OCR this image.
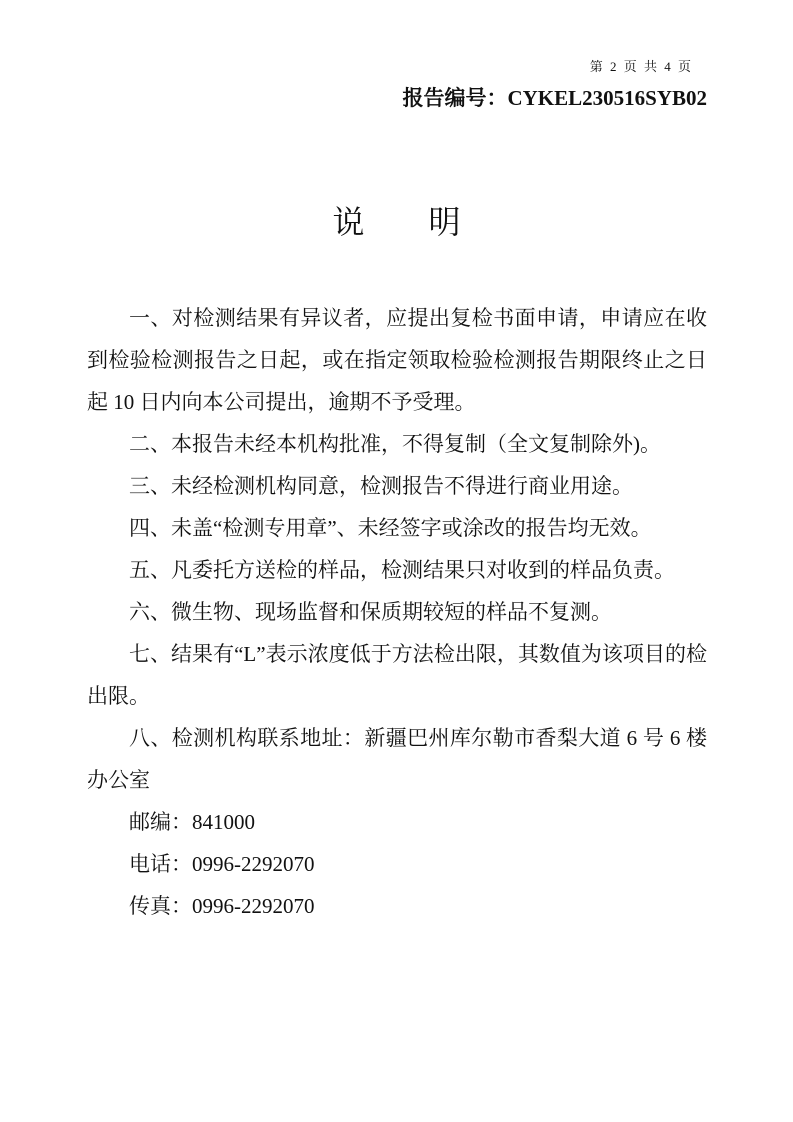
第 2 页 共 4 页
报告编号：CYKEL230516SYB02
说　　明

一、对检测结果有异议者，应提出复检书面申请，申请应在收到检验检测报告之日起，或在指定领取检验检测报告期限终止之日起 10 日内向本公司提出，逾期不予受理。

二、本报告未经本机构批准，不得复制（全文复制除外)。

三、未经检测机构同意，检测报告不得进行商业用途。

四、未盖“检测专用章”、未经签字或涂改的报告均无效。

五、凡委托方送检的样品，检测结果只对收到的样品负责。

六、微生物、现场监督和保质期较短的样品不复测。

七、结果有“L”表示浓度低于方法检出限，其数值为该项目的检出限。

八、检测机构联系地址：新疆巴州库尔勒市香梨大道 6 号 6 楼办公室

邮编：841000

电话：0996-2292070

传真：0996-2292070
